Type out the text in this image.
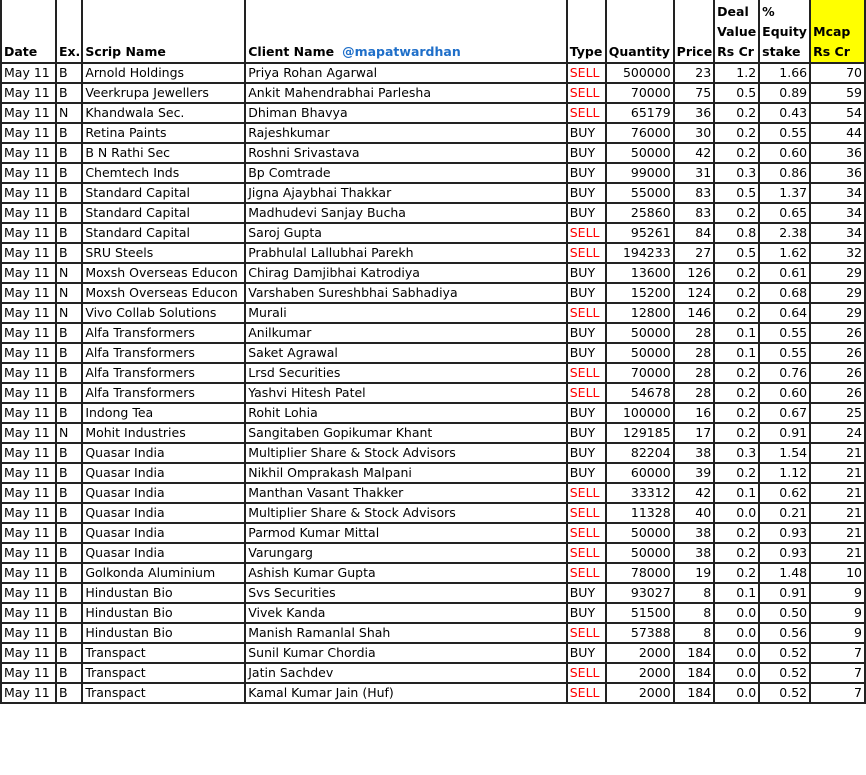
Date	Ex.	Scrip Name	Client Name @mapatwardhan	Type	Quantity	Price	Deal Value Rs Cr	% Equity stake	Mcap Rs Cr
May 11	B	Arnold Holdings	Priya Rohan Agarwal	SELL	500000	23	1.2	1.66	70
May 11	B	Veerkrupa Jewellers	Ankit Mahendrabhai Parlesha	SELL	70000	75	0.5	0.89	59
May 11	N	Khandwala Sec.	Dhiman Bhavya	SELL	65179	36	0.2	0.43	54
May 11	B	Retina Paints	Rajeshkumar	BUY	76000	30	0.2	0.55	44
May 11	B	B N Rathi Sec	Roshni Srivastava	BUY	50000	42	0.2	0.60	36
May 11	B	Chemtech Inds	Bp Comtrade	BUY	99000	31	0.3	0.86	36
May 11	B	Standard Capital	Jigna Ajaybhai Thakkar	BUY	55000	83	0.5	1.37	34
May 11	B	Standard Capital	Madhudevi Sanjay Bucha	BUY	25860	83	0.2	0.65	34
May 11	B	Standard Capital	Saroj Gupta	SELL	95261	84	0.8	2.38	34
May 11	B	SRU Steels	Prabhulal Lallubhai Parekh	SELL	194233	27	0.5	1.62	32
May 11	N	Moxsh Overseas Educon	Chirag Damjibhai Katrodiya	BUY	13600	126	0.2	0.61	29
May 11	N	Moxsh Overseas Educon	Varshaben Sureshbhai Sabhadiya	BUY	15200	124	0.2	0.68	29
May 11	N	Vivo Collab Solutions	Murali	SELL	12800	146	0.2	0.64	29
May 11	B	Alfa Transformers	Anilkumar	BUY	50000	28	0.1	0.55	26
May 11	B	Alfa Transformers	Saket Agrawal	BUY	50000	28	0.1	0.55	26
May 11	B	Alfa Transformers	Lrsd Securities	SELL	70000	28	0.2	0.76	26
May 11	B	Alfa Transformers	Yashvi Hitesh Patel	SELL	54678	28	0.2	0.60	26
May 11	B	Indong Tea	Rohit Lohia	BUY	100000	16	0.2	0.67	25
May 11	N	Mohit Industries	Sangitaben Gopikumar Khant	BUY	129185	17	0.2	0.91	24
May 11	B	Quasar India	Multiplier Share & Stock Advisors	BUY	82204	38	0.3	1.54	21
May 11	B	Quasar India	Nikhil Omprakash Malpani	BUY	60000	39	0.2	1.12	21
May 11	B	Quasar India	Manthan Vasant Thakker	SELL	33312	42	0.1	0.62	21
May 11	B	Quasar India	Multiplier Share & Stock Advisors	SELL	11328	40	0.0	0.21	21
May 11	B	Quasar India	Parmod Kumar Mittal	SELL	50000	38	0.2	0.93	21
May 11	B	Quasar India	Varungarg	SELL	50000	38	0.2	0.93	21
May 11	B	Golkonda Aluminium	Ashish Kumar Gupta	SELL	78000	19	0.2	1.48	10
May 11	B	Hindustan Bio	Svs Securities	BUY	93027	8	0.1	0.91	9
May 11	B	Hindustan Bio	Vivek Kanda	BUY	51500	8	0.0	0.50	9
May 11	B	Hindustan Bio	Manish Ramanlal Shah	SELL	57388	8	0.0	0.56	9
May 11	B	Transpact	Sunil Kumar Chordia	BUY	2000	184	0.0	0.52	7
May 11	B	Transpact	Jatin Sachdev	SELL	2000	184	0.0	0.52	7
May 11	B	Transpact	Kamal Kumar Jain (Huf)	SELL	2000	184	0.0	0.52	7
